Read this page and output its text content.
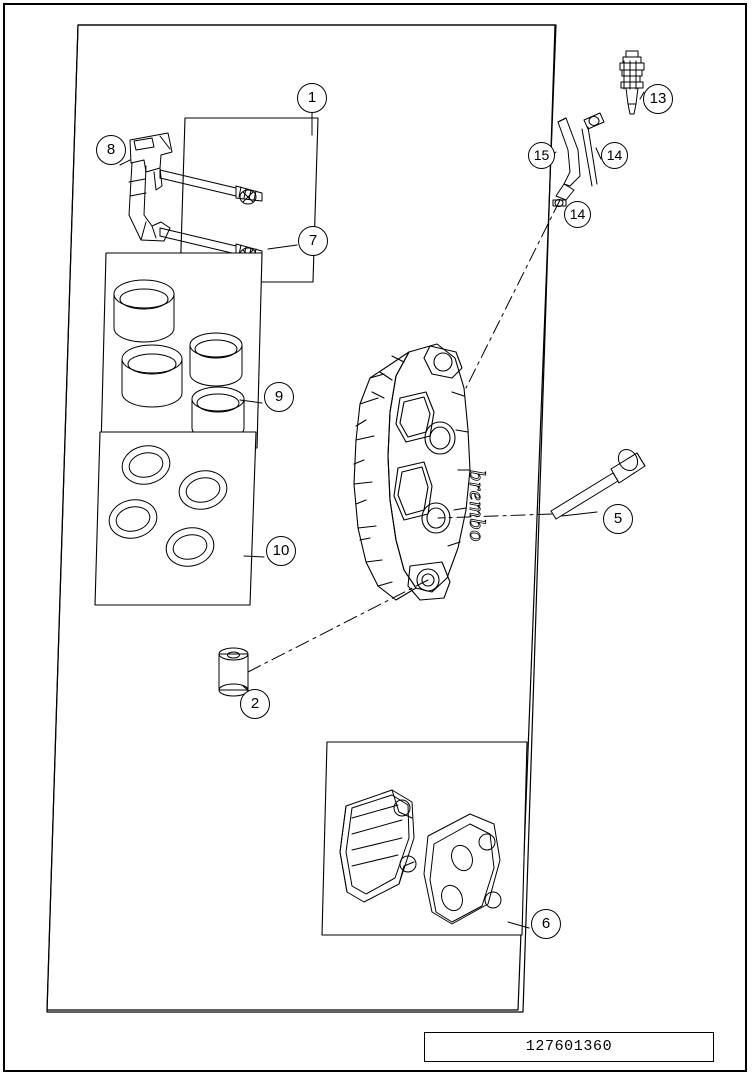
brembo
1
2
5
6
7
8
9
10
13
14
14
15
127601360
